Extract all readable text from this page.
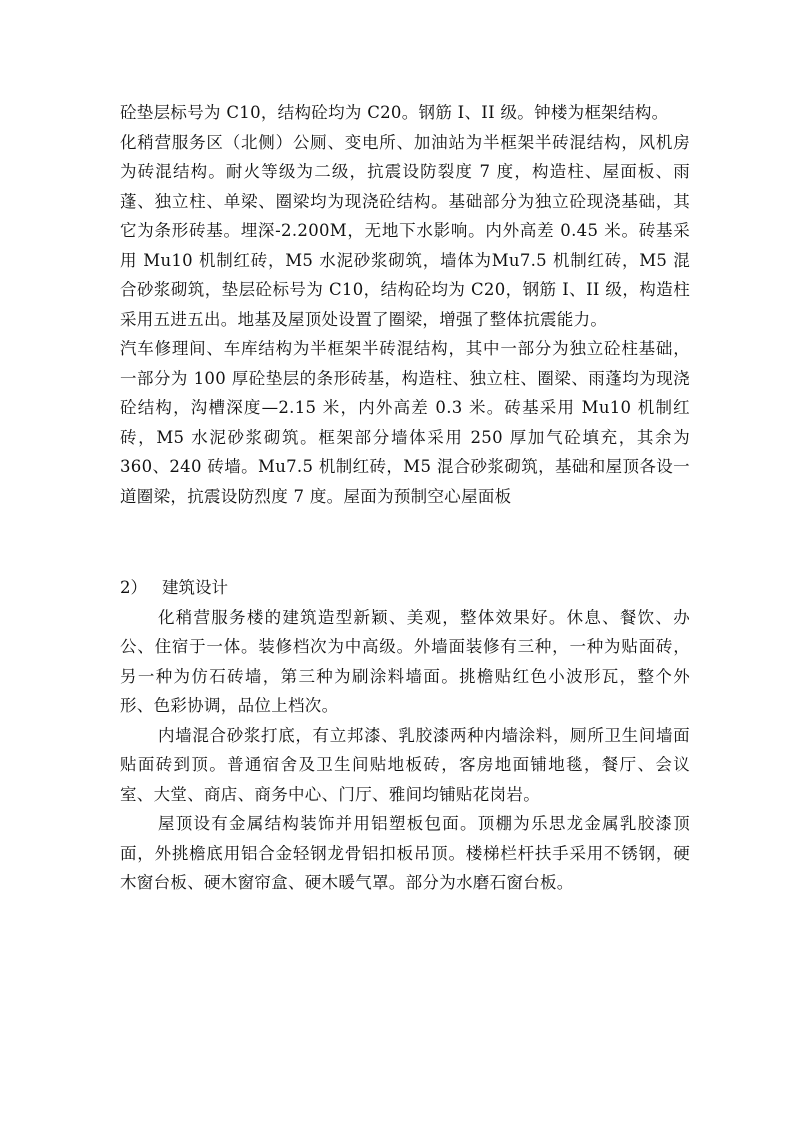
砼垫层标号为 C10，结构砼均为 C20。钢筋 I、II 级。钟楼为框架结构。

化稍营服务区（北侧）公厕、变电所、加油站为半框架半砖混结构，风机房为砖混结构。耐火等级为二级，抗震设防裂度 7 度，构造柱、屋面板、雨蓬、独立柱、单梁、圈梁均为现浇砼结构。基础部分为独立砼现浇基础，其它为条形砖基。埋深-2.200M，无地下水影响。内外高差 0.45 米。砖基采用 Mu10 机制红砖，M5 水泥砂浆砌筑，墙体为Mu7.5 机制红砖，M5 混合砂浆砌筑，垫层砼标号为 C10，结构砼均为 C20，钢筋 I、II 级，构造柱采用五进五出。地基及屋顶处设置了圈梁，增强了整体抗震能力。

汽车修理间、车库结构为半框架半砖混结构，其中一部分为独立砼柱基础，一部分为 100 厚砼垫层的条形砖基，构造柱、独立柱、圈梁、雨蓬均为现浇砼结构，沟槽深度—2.15 米，内外高差 0.3 米。砖基采用 Mu10 机制红砖，M5 水泥砂浆砌筑。框架部分墙体采用 250 厚加气砼填充，其余为 360、240 砖墙。Mu7.5 机制红砖，M5 混合砂浆砌筑，基础和屋顶各设一道圈梁，抗震设防烈度 7 度。屋面为预制空心屋面板

2） 建筑设计

化稍营服务楼的建筑造型新颖、美观，整体效果好。休息、餐饮、办公、住宿于一体。装修档次为中高级。外墙面装修有三种，一种为贴面砖，另一种为仿石砖墙，第三种为刷涂料墙面。挑檐贴红色小波形瓦，整个外形、色彩协调，品位上档次。

内墙混合砂浆打底，有立邦漆、乳胶漆两种内墙涂料，厕所卫生间墙面贴面砖到顶。普通宿舍及卫生间贴地板砖，客房地面铺地毯，餐厅、会议室、大堂、商店、商务中心、门厅、雅间均铺贴花岗岩。

屋顶设有金属结构装饰并用铝塑板包面。顶棚为乐思龙金属乳胶漆顶面，外挑檐底用铝合金轻钢龙骨铝扣板吊顶。楼梯栏杆扶手采用不锈钢，硬木窗台板、硬木窗帘盒、硬木暖气罩。部分为水磨石窗台板。
